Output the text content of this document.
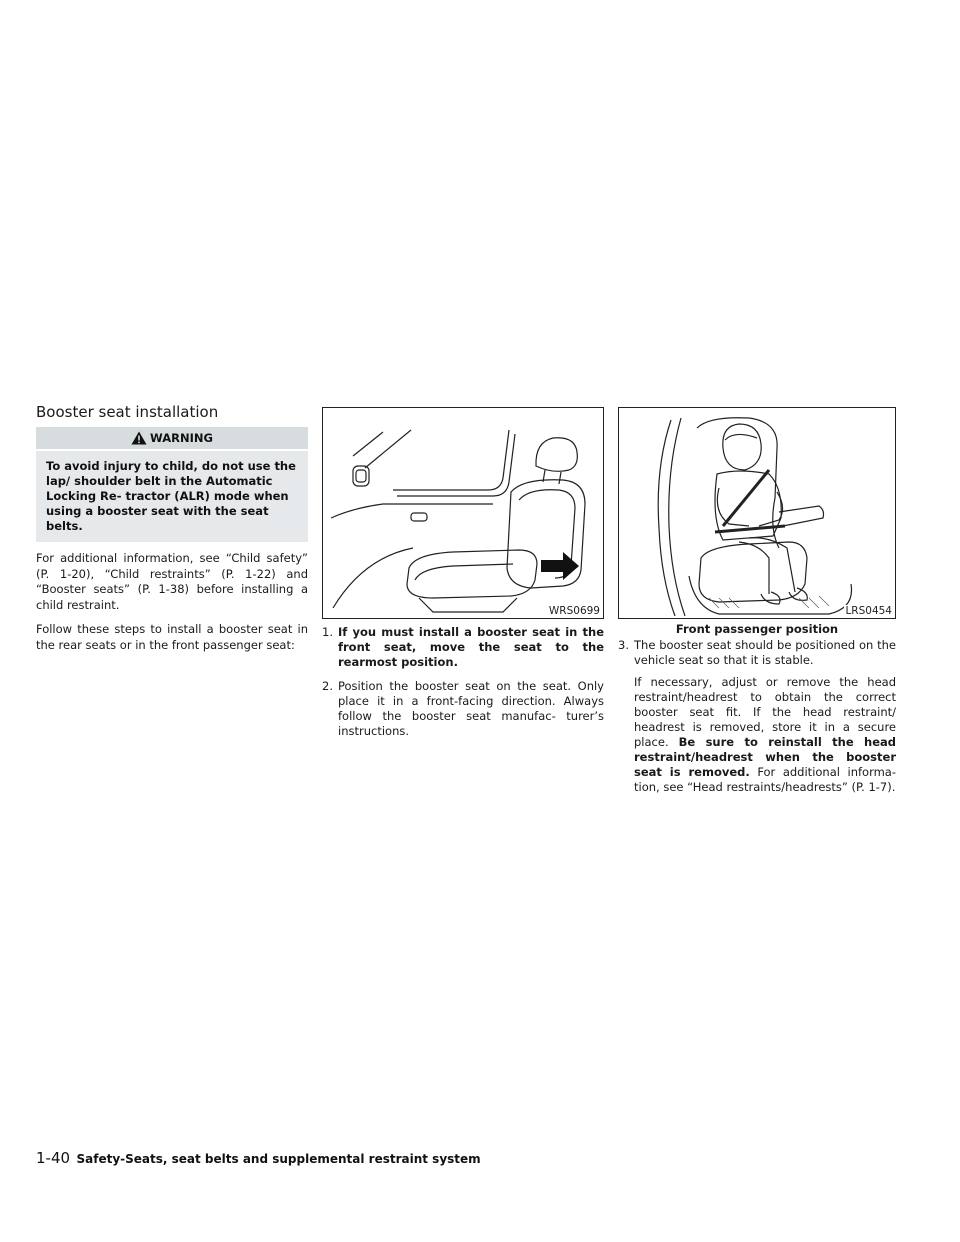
Booster seat installation
WARNING
To avoid injury to child, do not use the lap/ shoulder belt in the Automatic Locking Re- tractor (ALR) mode when using a booster seat with the seat belts.

For additional information, see “Child safety” (P. 1-20), “Child restraints” (P. 1-22) and “Booster seats” (P. 1-38) before installing a child restraint.

Follow these steps to install a booster seat in the rear seats or in the front passenger seat:

WRS0699
1. If you must install a booster seat in the front seat, move the seat to the rearmost position.
2. Position the booster seat on the seat. Only place it in a front-facing direction. Always follow the booster seat manufac- turer’s instructions.
LRS0454
Front passenger position
3. The booster seat should be positioned on the vehicle seat so that it is stable.
If necessary, adjust or remove the head restraint/headrest to obtain the correct booster seat fit. If the head restraint/ headrest is removed, store it in a secure place. Be sure to reinstall the head restraint/headrest when the booster seat is removed. For additional informa- tion, see “Head restraints/headrests” (P. 1-7).
1-40 Safety-Seats, seat belts and supplemental restraint system
